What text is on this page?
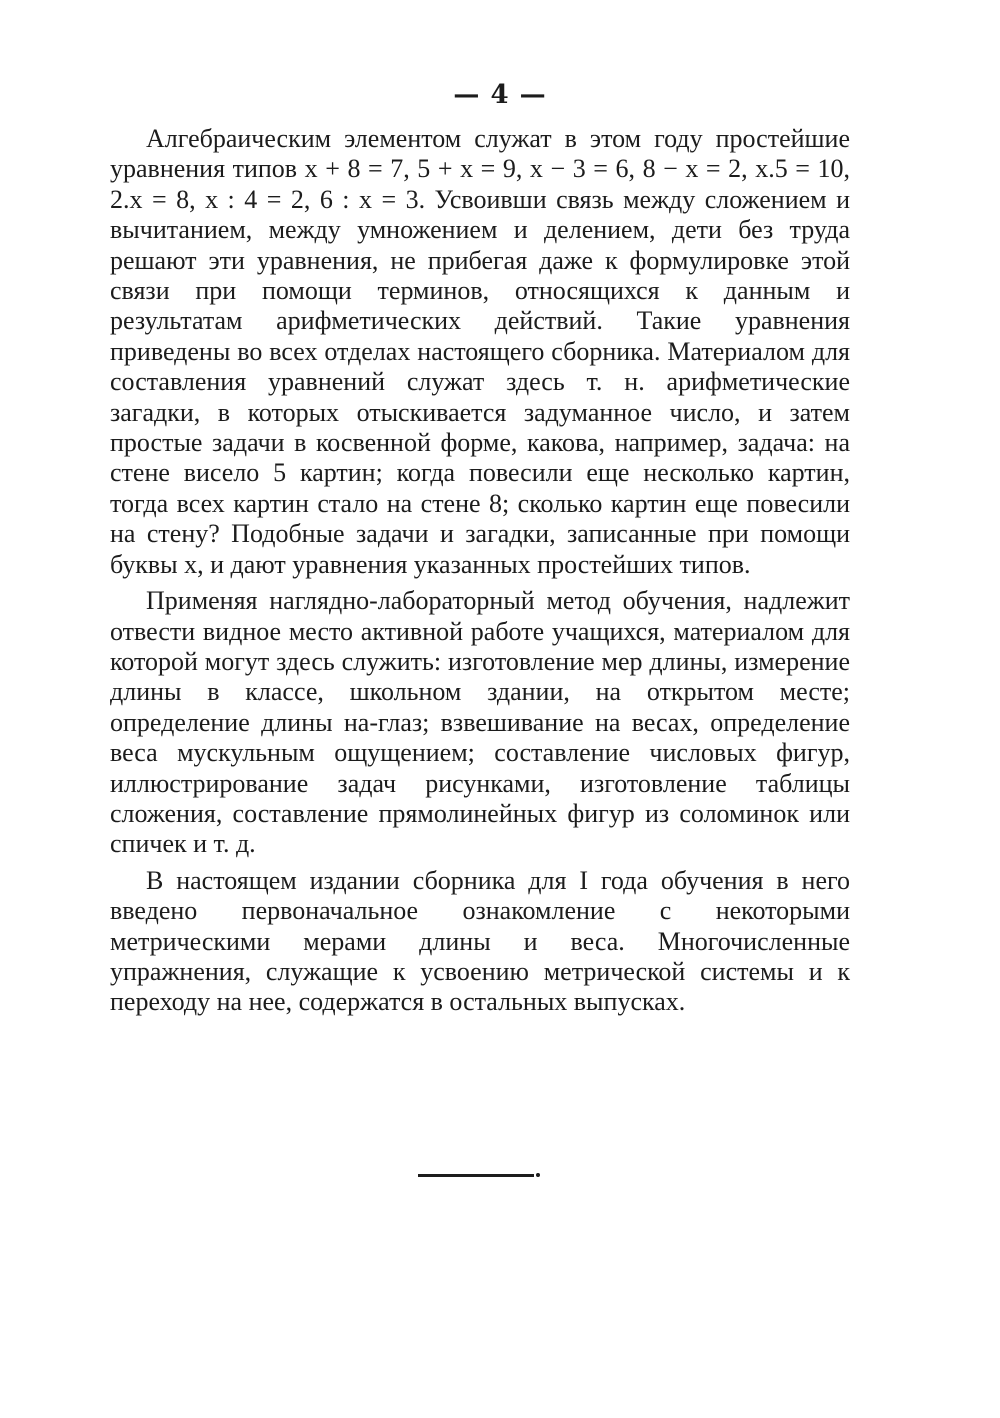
— 4 —

Алгебраическим элементом служат в этом году простейшие уравнения типов x + 8 = 7, 5 + x = 9, x − 3 = 6, 8 − x = 2, x.5 = 10, 2.x = 8, x : 4 = 2, 6 : x = 3. Усвоивши связь между сложением и вычитанием, между умножением и делением, дети без труда решают эти уравнения, не прибегая даже к формулировке этой связи при помощи терминов, относящихся к данным и результатам арифметических действий. Такие уравнения приведены во всех отделах настоящего сборника. Материалом для составления уравнений служат здесь т. н. арифметические загадки, в которых отыскивается задуманное число, и затем простые задачи в косвенной форме, какова, например, задача: на стене висело 5 картин; когда повесили еще несколько картин, тогда всех картин стало на стене 8; сколько картин еще повесили на стену? Подобные задачи и загадки, записанные при помощи буквы x, и дают уравнения указанных простейших типов.

Применяя наглядно-лабораторный метод обучения, надлежит отвести видное место активной работе учащихся, материалом для которой могут здесь служить: изготовление мер длины, измерение длины в классе, школьном здании, на открытом месте; определение длины на-глаз; взвешивание на весах, определение веса мускульным ощущением; составление числовых фигур, иллюстрирование задач рисунками, изготовление таблицы сложения, составление прямолинейных фигур из соломинок или спичек и т. д.

В настоящем издании сборника для I года обучения в него введено первоначальное ознакомление с некоторыми метрическими мерами длины и веса. Многочисленные упражнения, служащие к усвоению метрической системы и к переходу на нее, содержатся в остальных выпусках.
